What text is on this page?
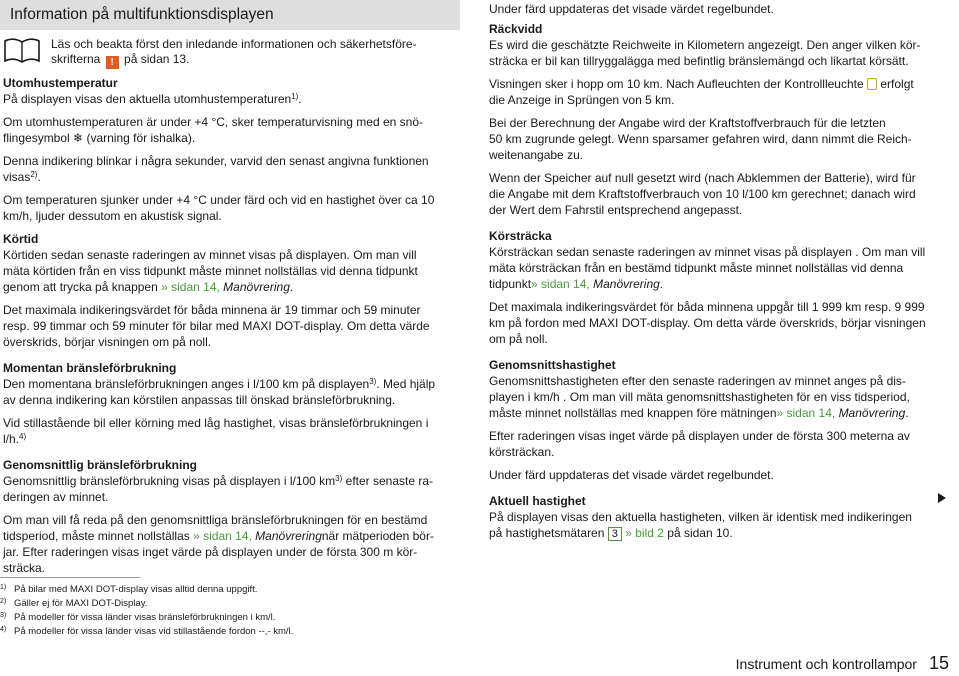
Information på multifunktionsdisplayen
Läs och beakta först den inledande informationen och säkerhetsföre-
skrifterna ! på sidan 13.
Utomhustemperatur
På displayen visas den aktuella utomhustemperaturen$^{1)}$.
Om utomhustemperaturen är under +4 °C, sker temperaturvisning med en snö-
flingesymbol ❄ (varning för ishalka).
Denna indikering blinkar i några sekunder, varvid den senast angivna funktionen
visas$^{2)}$.
Om temperaturen sjunker under +4 °C under färd och vid en hastighet över ca 10
km/h, ljuder dessutom en akustisk signal.
Körtid
Körtiden sedan senaste raderingen av minnet visas på displayen. Om man vill
mäta körtiden från en viss tidpunkt måste minnet nollställas vid denna tidpunkt
genom att trycka på knappen » sidan 14, Manövrering.
Det maximala indikeringsvärdet för båda minnena är 19 timmar och 59 minuter
resp. 99 timmar och 59 minuter för bilar med MAXI DOT-display. Om detta värde
överskrids, börjar visningen om på noll.
Momentan bränsleförbrukning
Den momentana bränsleförbrukningen anges i l/100 km på displayen$^{3)}$. Med hjälp
av denna indikering kan körstilen anpassas till önskad bränsleförbrukning.
Vid stillastående bil eller körning med låg hastighet, visas bränsleförbrukningen i
l/h.$^{4)}$
Genomsnittlig bränsleförbrukning
Genomsnittlig bränsleförbrukning visas på displayen i l/100 $km^{3)}$ efter senaste ra-
deringen av minnet.
Om man vill få reda på den genomsnittliga bränsleförbrukningen för en bestämd
tidsperiod, måste minnet nollställas » sidan 14, Manövreringnär mätperioden bör-
jar. Efter raderingen visas inget värde på displayen under de första 300 m kör-
sträcka.
1) På bilar med MAXI DOT-display visas alltid denna uppgift.
2) Gäller ej för MAXI DOT-Display.
3) På modeller för vissa länder visas bränsleförbrukningen i km/l.
4) På modeller för vissa länder visas vid stillastående fordon --,- km/l.
Under färd uppdateras det visade värdet regelbundet.
Räckvidd
Es wird die geschätzte Reichweite in Kilometern angezeigt. Den anger vilken kör-
sträcka er bil kan tillryggalägga med befintlig bränslemängd och likartat körsätt.
Visningen sker i hopp om 10 km. Nach Aufleuchten der Kontrollleuchte erfolgt
die Anzeige in Sprüngen von 5 km.
Bei der Berechnung der Angabe wird der Kraftstoffverbrauch für die letzten
50 km zugrunde gelegt. Wenn sparsamer gefahren wird, dann nimmt die Reich-
weitenangabe zu.
Wenn der Speicher auf null gesetzt wird (nach Abklemmen der Batterie), wird für
die Angabe mit dem Kraftstoffverbrauch von 10 l/100 km gerechnet; danach wird
der Wert dem Fahrstil entsprechend angepasst.
Körsträcka
Körsträckan sedan senaste raderingen av minnet visas på displayen . Om man vill
mäta körsträckan från en bestämd tidpunkt måste minnet nollställas vid denna
tidpunkt» sidan 14, Manövrering.
Det maximala indikeringsvärdet för båda minnena uppgår till 1 999 km resp. 9 999
km på fordon med MAXI DOT-display. Om detta värde överskrids, börjar visningen
om på noll.
Genomsnittshastighet
Genomsnittshastigheten efter den senaste raderingen av minnet anges på dis-
playen i km/h . Om man vill mäta genomsnittshastigheten för en viss tidsperiod,
måste minnet nollställas med knappen före mätningen» sidan 14, Manövrering.
Efter raderingen visas inget värde på displayen under de första 300 meterna av
körsträckan.
Under färd uppdateras det visade värdet regelbundet.
Aktuell hastighet
På displayen visas den aktuella hastigheten, vilken är identisk med indikeringen
på hastighetsmätaren 3 » bild 2 på sidan 10.
Instrument och kontrollampor 15
